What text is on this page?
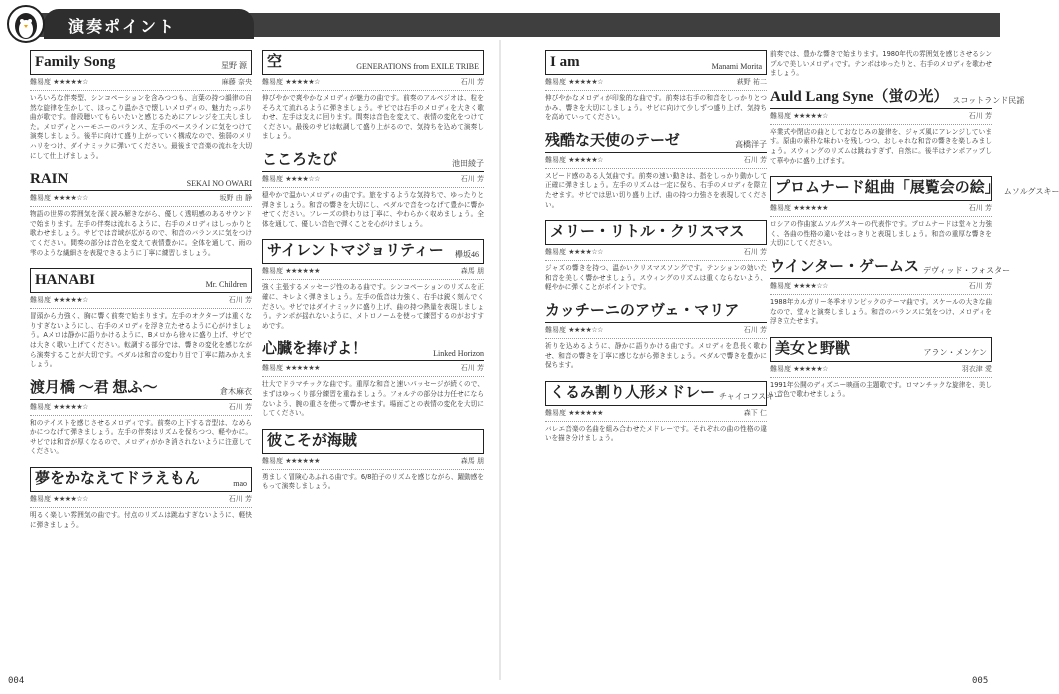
演奏ポイント
Family Song	星野 源
難易度 ★★★★★☆	麻藤 奈央
いろいろな伴奏型、シンコペーションを含みつつも、言葉の持つ韻律の自然な旋律を生かして、ほっこり温かさで懐しいメロディの、魅力たっぷり曲が歌です。普段聴いてもらいたいと感じるためにアレンジを工夫しました。メロディとハーモニーのバランス、左手のベースラインに気をつけて演奏しましょう。後半に向けて盛り上がっていく構成なので、強弱のメリハリをつけ、ダイナミックに弾いてください。最後まで音楽の流れを大切にして仕上げましょう。
RAIN	SEKAI NO OWARI
難易度 ★★★★☆☆	坂野 由 静
物語の世界の雰囲気を深く読み解きながら、優しく透明感のあるサウンドで始まります。左手の伴奏は流れるように、右手のメロディはしっかりと歌わせましょう。サビでは音域が広がるので、和音のバランスに気をつけてください。間奏の部分は音色を変えて表情豊かに。全体を通して、雨の雫のような繊細さを表現できるように丁寧に練習しましょう。
HANABI	Mr. Children
難易度 ★★★★★☆	石川 芳
冒頭から力強く、胸に響く前奏で始まります。左手のオクターブは重くなりすぎないようにし、右手のメロディを浮き立たせるように心がけましょう。Aメロは静かに語りかけるように、Bメロから徐々に盛り上げ、サビでは大きく歌い上げてください。転調する部分では、響きの変化を感じながら演奏することが大切です。ペダルは和音の変わり目で丁寧に踏みかえましょう。
渡月橋 〜君 想ふ〜	倉木麻衣
難易度 ★★★★★☆	石川 芳
和のテイストを感じさせるメロディです。前奏の上下する音型は、なめらかにつなげて弾きましょう。左手の伴奏はリズムを保ちつつ、軽やかに。サビでは和音が厚くなるので、メロディがかき消されないように注意してください。
夢をかなえてドラえもん	mao
難易度 ★★★★☆☆	石川 芳
明るく楽しい雰囲気の曲です。付点のリズムは跳ねすぎないように、軽快に弾きましょう。
空	GENERATIONS from EXILE TRIBE
難易度 ★★★★★☆	石川 芳
伸びやかで爽やかなメロディが魅力の曲です。前奏のアルペジオは、粒をそろえて流れるように弾きましょう。サビでは右手のメロディを大きく歌わせ、左手は支えに回ります。間奏は音色を変えて、表情の変化をつけてください。最後のサビは転調して盛り上がるので、気持ちを込めて演奏しましょう。
こころたび	池田綾子
難易度 ★★★★☆☆	石川 芳
穏やかで温かいメロディの曲です。旅をするような気持ちで、ゆったりと弾きましょう。和音の響きを大切にし、ペダルで音をつなげて豊かに響かせてください。フレーズの終わりは丁寧に、やわらかく収めましょう。全体を通して、優しい音色で弾くことを心がけましょう。
サイレントマジョリティー 欅坂46
難易度 ★★★★★★	森馬 朋
強く主張するメッセージ性のある曲です。シンコペーションのリズムを正確に、キレよく弾きましょう。左手の低音は力強く、右手は鋭く刻んでください。サビではダイナミックに盛り上げ、曲の持つ熱量を表現しましょう。テンポが揺れないように、メトロノームを使って練習するのがおすすめです。
心臓を捧げよ！	Linked Horizon
難易度 ★★★★★★	石川 芳
壮大でドラマチックな曲です。重厚な和音と速いパッセージが続くので、まずはゆっくり部分練習を重ねましょう。フォルテの部分は力任せにならないよう、腕の重さを使って響かせます。場面ごとの表情の変化を大切にしてください。
彼こそが海賊
難易度 ★★★★★★	森馬 朋
勇ましく冒険心あふれる曲です。6/8拍子のリズムを感じながら、躍動感をもって演奏しましょう。
I am	Manami Morita
難易度 ★★★★★☆	萩野 祐二
伸びやかなメロディが印象的な曲です。前奏は右手の和音をしっかりとつかみ、響きを大切にしましょう。サビに向けて少しずつ盛り上げ、気持ちを高めていってください。
残酷な天使のテーゼ	高橋洋子
難易度 ★★★★★☆	石川 芳
スピード感のある人気曲です。前奏の速い動きは、指をしっかり動かして正確に弾きましょう。左手のリズムは一定に保ち、右手のメロディを際立たせます。サビでは思い切り盛り上げ、曲の持つ力強さを表現してください。
メリー・リトル・クリスマス
難易度 ★★★★☆☆	石川 芳
ジャズの響きを持つ、温かいクリスマスソングです。テンションの効いた和音を美しく響かせましょう。スウィングのリズムは重くならないよう、軽やかに弾くことがポイントです。
カッチーニのアヴェ・マリア
難易度 ★★★★☆☆	石川 芳
祈りを込めるように、静かに語りかける曲です。メロディを息長く歌わせ、和音の響きを丁寧に感じながら弾きましょう。ペダルで響きを豊かに保ちます。
くるみ割り人形メドレー チャイコフスキー
難易度 ★★★★★★	森下 仁
バレエ音楽の名曲を組み合わせたメドレーです。それぞれの曲の性格の違いを描き分けましょう。
前奏では、豊かな響きで始まります。1980年代の雰囲気を感じさせるシンプルで美しいメロディです。テンポはゆったりと、右手のメロディを歌わせましょう。
Auld Lang Syne（蛍の光） スコットランド民謡
難易度 ★★★★★☆	石川 芳
卒業式や閉店の曲としておなじみの旋律を、ジャズ風にアレンジしています。原曲の素朴な味わいを残しつつ、おしゃれな和音の響きを楽しみましょう。スウィングのリズムは跳ねすぎず、自然に。後半はテンポアップして華やかに盛り上げます。
プロムナード組曲「展覧会の絵」 ムソルグスキー
難易度 ★★★★★★	石川 芳
ロシアの作曲家ムソルグスキーの代表作です。プロムナードは堂々と力強く、各曲の性格の違いをはっきりと表現しましょう。和音の重厚な響きを大切にしてください。
ウインター・ゲームス デヴィッド・フォスター
難易度 ★★★★☆☆	石川 芳
1988年カルガリー冬季オリンピックのテーマ曲です。スケールの大きな曲なので、堂々と演奏しましょう。和音のバランスに気をつけ、メロディを浮き立たせます。
美女と野獣	アラン・メンケン
難易度 ★★★★★☆	羽衣津 愛
1991年公開のディズニー映画の主題歌です。ロマンチックな旋律を、美しい音色で歌わせましょう。
004	005
